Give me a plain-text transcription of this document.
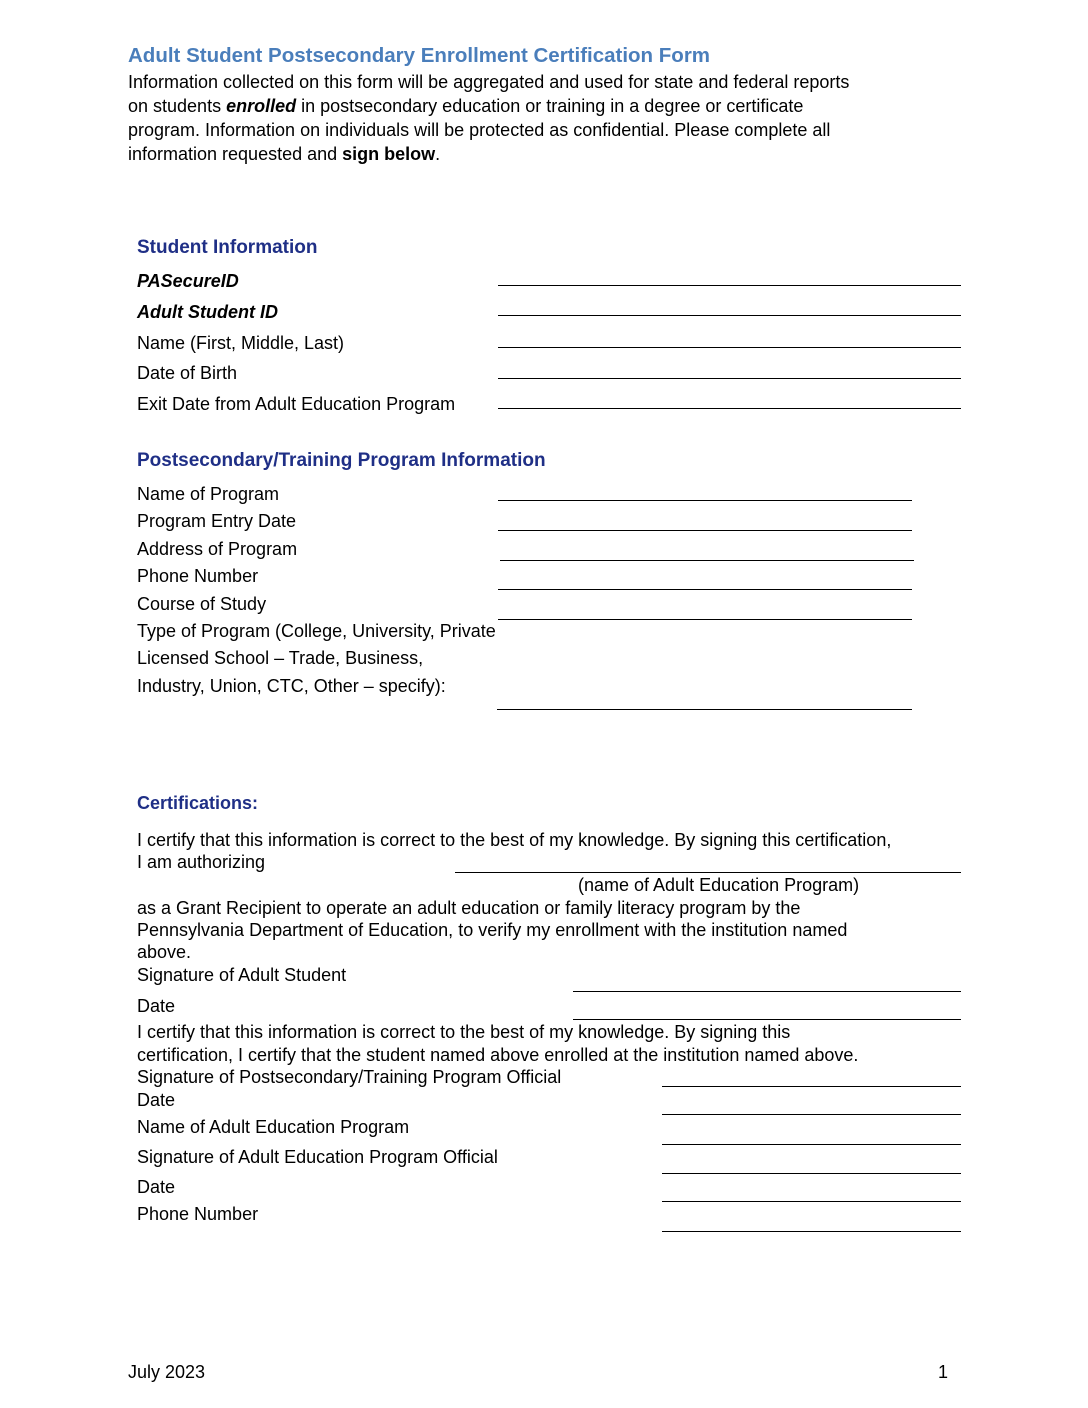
Adult Student Postsecondary Enrollment Certification Form

Information collected on this form will be aggregated and used for state and federal reports

on students enrolled in postsecondary education or training in a degree or certificate

program. Information on individuals will be protected as confidential. Please complete all

information requested and sign below.

Student Information
PASecureID
Adult Student ID
Name (First, Middle, Last)
Date of Birth
Exit Date from Adult Education Program
Postsecondary/Training Program Information
Name of Program
Program Entry Date
Address of Program
Phone Number
Course of Study
Type of Program (College, University, Private
Licensed School – Trade, Business,
Industry, Union, CTC, Other – specify):
Certifications:
I certify that this information is correct to the best of my knowledge. By signing this certification,
I am authorizing
(name of Adult Education Program)
as a Grant Recipient to operate an adult education or family literacy program by the
Pennsylvania Department of Education, to verify my enrollment with the institution named
above.
Signature of Adult Student
Date
I certify that this information is correct to the best of my knowledge. By signing this
certification, I certify that the student named above enrolled at the institution named above.
Signature of Postsecondary/Training Program Official
Date
Name of Adult Education Program
Signature of Adult Education Program Official
Date
Phone Number
July 2023	1
